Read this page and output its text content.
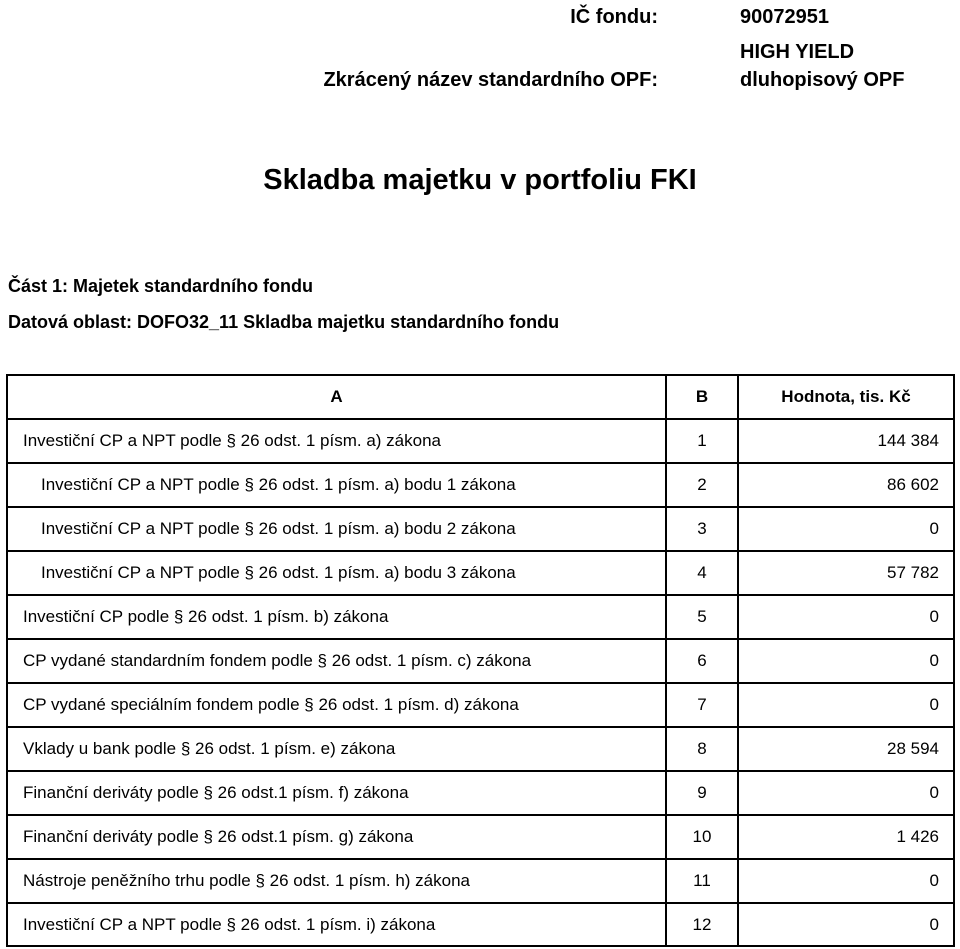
IČ fondu:	90072951
Zkrácený název standardního OPF:
HIGH YIELD
dluhopisový OPF
Skladba majetku v portfoliu FKI
Část 1: Majetek standardního fondu
Datová oblast: DOFO32_11 Skladba majetku standardního fondu
A	B	Hodnota, tis. Kč
Investiční CP a NPT podle § 26 odst. 1 písm. a) zákona	1	144 384
Investiční CP a NPT podle § 26 odst. 1 písm. a) bodu 1 zákona	2	86 602
Investiční CP a NPT podle § 26 odst. 1 písm. a) bodu 2 zákona	3	0
Investiční CP a NPT podle § 26 odst. 1 písm. a) bodu 3 zákona	4	57 782
Investiční CP podle § 26 odst. 1 písm. b) zákona	5	0
CP vydané standardním fondem podle § 26 odst. 1 písm. c) zákona	6	0
CP vydané speciálním fondem podle § 26 odst. 1 písm. d) zákona	7	0
Vklady u bank podle § 26 odst. 1 písm. e) zákona	8	28 594
Finanční deriváty podle § 26 odst.1 písm. f) zákona	9	0
Finanční deriváty podle § 26 odst.1 písm. g) zákona	10	1 426
Nástroje peněžního trhu podle § 26 odst. 1 písm. h) zákona	11	0
Investiční CP a NPT podle § 26 odst. 1 písm. i) zákona	12	0
